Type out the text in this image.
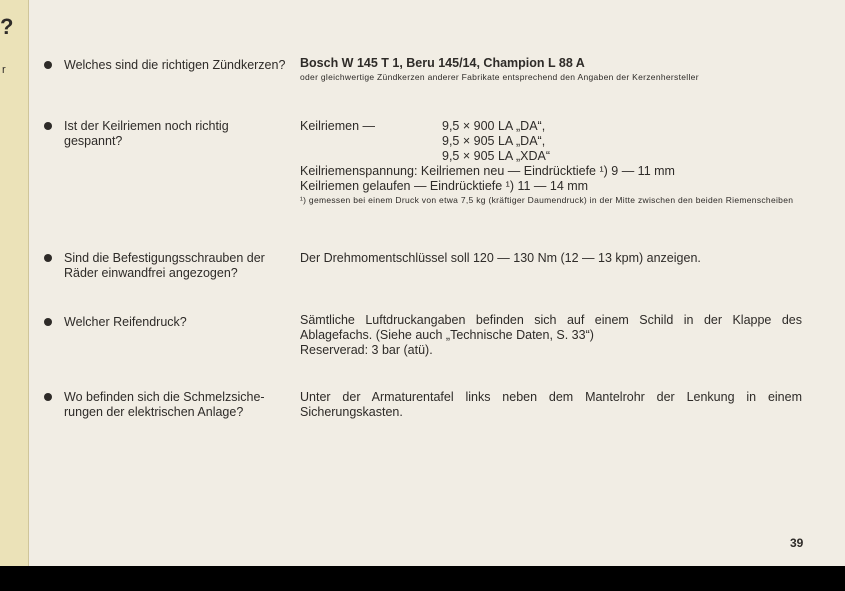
?
r	Welches sind die richtigen Zündkerzen? Bosch W 145 T 1, Beru 145/14, Champion L 88 A
oder gleichwertige Zündkerzen anderer Fabrikate entsprechend den Angaben der Kerzenhersteller
Ist der Keilriemen noch richtig
gespannt?
Keilriemen —	9,5 × 900 LA „DA“,
9,5 × 905 LA „DA“,
9,5 × 905 LA „XDA“
Keilriemenspannung: Keilriemen neu — Eindrücktiefe ¹) 9 — 11 mm
Keilriemen gelaufen — Eindrücktiefe ¹) 11 — 14 mm
¹) gemessen bei einem Druck von etwa 7,5 kg (kräftiger Daumendruck) in der Mitte zwischen den beiden Riemenscheiben
Sind die Befestigungsschrauben der
Räder einwandfrei angezogen?
Der Drehmomentschlüssel soll 120 — 130 Nm (12 — 13 kpm) anzeigen.
Welcher Reifendruck?	Sämtliche Luftdruckangaben befinden sich auf einem Schild in der Klappe des Ablagefachs. (Siehe auch „Technische Daten, S. 33“)
Reserverad: 3 bar (atü).
Wo befinden sich die Schmelzsiche-
rungen der elektrischen Anlage?
Unter der Armaturentafel links neben dem Mantelrohr der Lenkung in einem Sicherungskasten.
39
